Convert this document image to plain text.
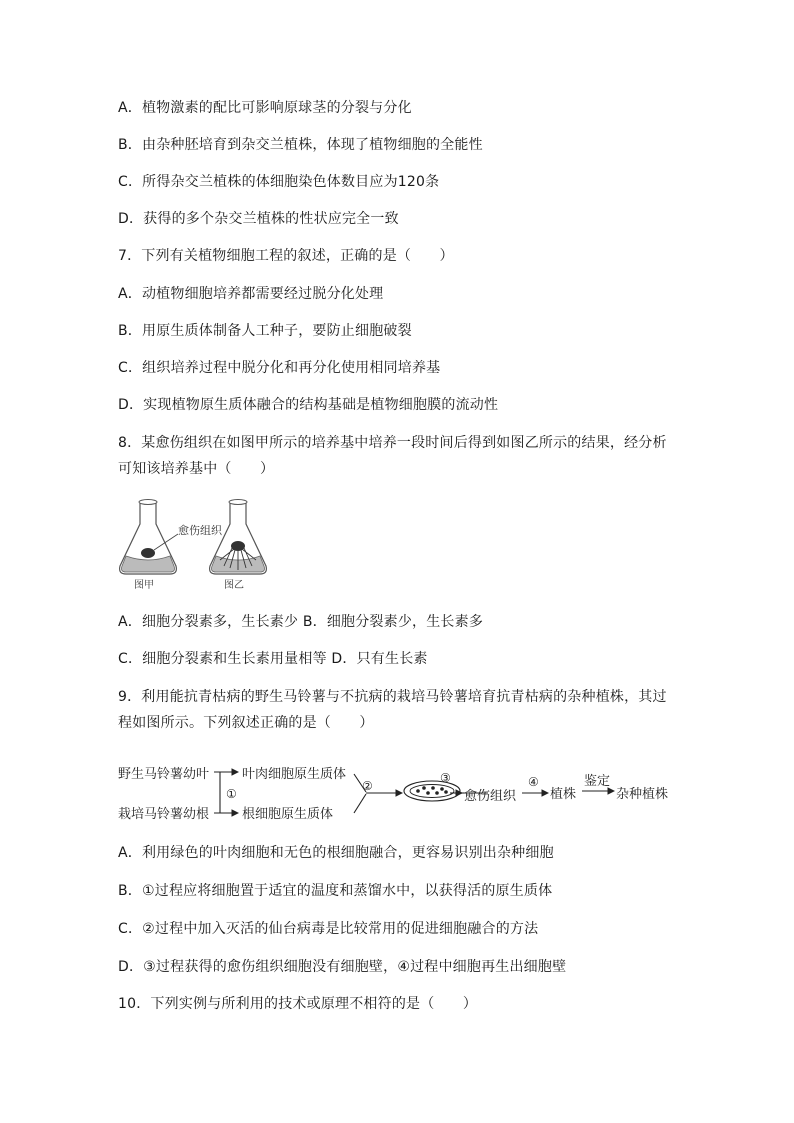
A．植物激素的配比可影响原球茎的分裂与分化
B．由杂种胚培育到杂交兰植株，体现了植物细胞的全能性
C．所得杂交兰植株的体细胞染色体数目应为120条
D．获得的多个杂交兰植株的性状应完全一致
7．下列有关植物细胞工程的叙述，正确的是（　　）
A．动植物细胞培养都需要经过脱分化处理
B．用原生质体制备人工种子，要防止细胞破裂
C．组织培养过程中脱分化和再分化使用相同培养基
D．实现植物原生质体融合的结构基础是植物细胞膜的流动性
8．某愈伤组织在如图甲所示的培养基中培养一段时间后得到如图乙所示的结果，经分析可知该培养基中（　　）
愈伤组织
图甲	图乙
A．细胞分裂素多，生长素少 B．细胞分裂素少，生长素多
C．细胞分裂素和生长素用量相等 D．只有生长素
9．利用能抗青枯病的野生马铃薯与不抗病的栽培马铃薯培育抗青枯病的杂种植株，其过程如图所示。下列叙述正确的是（　　）
野生马铃薯幼叶
栽培马铃薯幼根
①
叶肉细胞原生质体
根细胞原生质体
②
③
愈伤组织
④
植株
鉴定
杂种植株
A．利用绿色的叶肉细胞和无色的根细胞融合，更容易识别出杂种细胞
B．①过程应将细胞置于适宜的温度和蒸馏水中，以获得活的原生质体
C．②过程中加入灭活的仙台病毒是比较常用的促进细胞融合的方法
D．③过程获得的愈伤组织细胞没有细胞壁，④过程中细胞再生出细胞壁
10．下列实例与所利用的技术或原理不相符的是（　　）
